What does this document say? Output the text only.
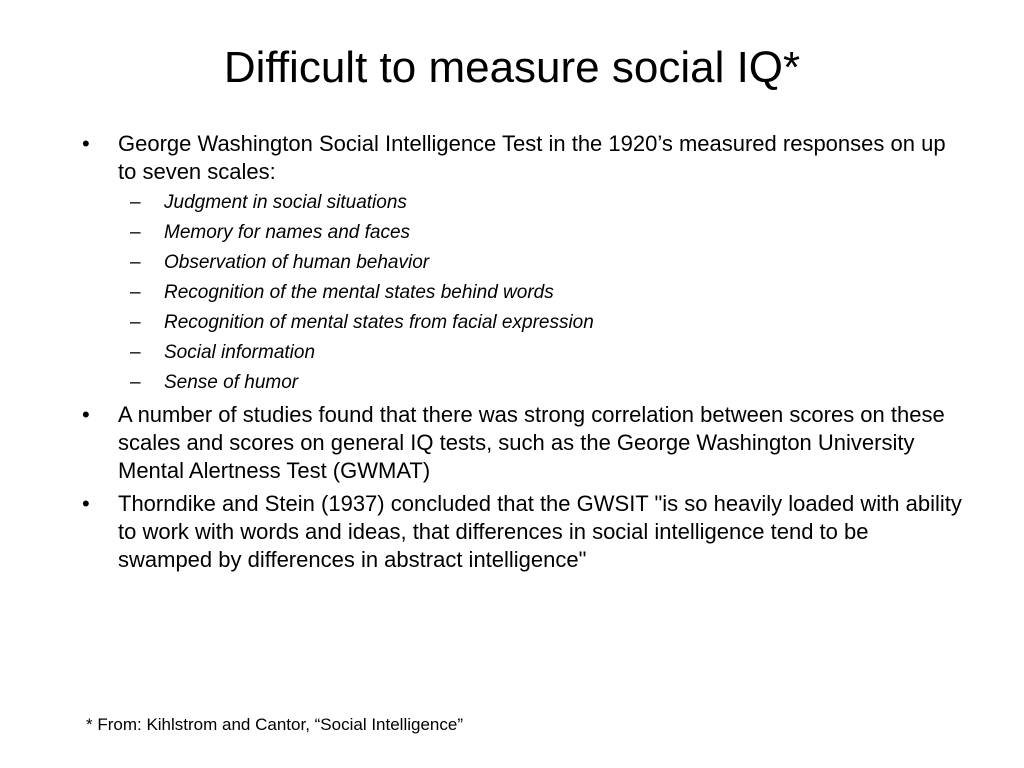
Difficult to measure social IQ*
•	George Washington Social Intelligence Test in the 1920’s measured responses on up to seven scales:
– Judgment in social situations
– Memory for names and faces
– Observation of human behavior
– Recognition of the mental states behind words
– Recognition of mental states from facial expression
– Social information
– Sense of humor
•	A number of studies found that there was strong correlation between scores on these scales and scores on general IQ tests, such as the George Washington University Mental Alertness Test (GWMAT)
•	Thorndike and Stein (1937) concluded that the GWSIT "is so heavily loaded with ability to work with words and ideas, that differences in social intelligence tend to be swamped by differences in abstract intelligence"

* From: Kihlstrom and Cantor, “Social Intelligence”
